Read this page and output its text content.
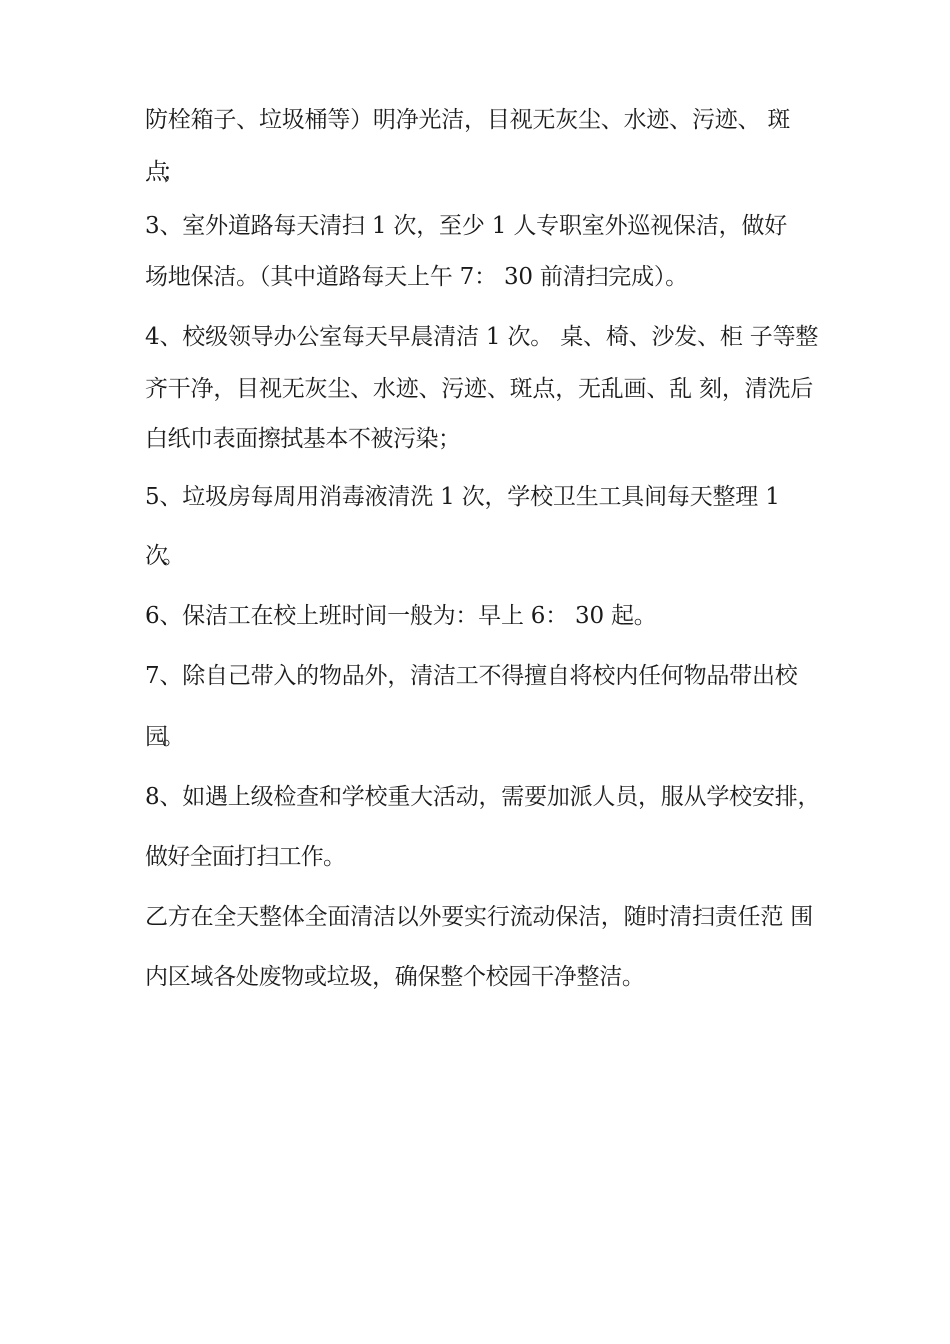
防栓箱子、垃圾桶等）明净光洁，目视无灰尘、水迹、污迹、 斑
点；
3、室外道路每天清扫 1 次，至少 1 人专职室外巡视保洁，做好
场地保洁。（其中道路每天上午 7： 30 前清扫完成）。
4、校级领导办公室每天早晨清洁 1 次。 桌、椅、沙发、柜 子等整
齐干净，目视无灰尘、水迹、污迹、斑点，无乱画、乱 刻，清洗后
白纸巾表面擦拭基本不被污染；
5、垃圾房每周用消毒液清洗 1 次，学校卫生工具间每天整理 1
次。
6、保洁工在校上班时间一般为：早上 6： 30 起。
7、除自己带入的物品外，清洁工不得擅自将校内任何物品带出校
园。
8、如遇上级检查和学校重大活动，需要加派人员，服从学校安排，
做好全面打扫工作。
乙方在全天整体全面清洁以外要实行流动保洁，随时清扫责任范 围
内区域各处废物或垃圾，确保整个校园干净整洁。
